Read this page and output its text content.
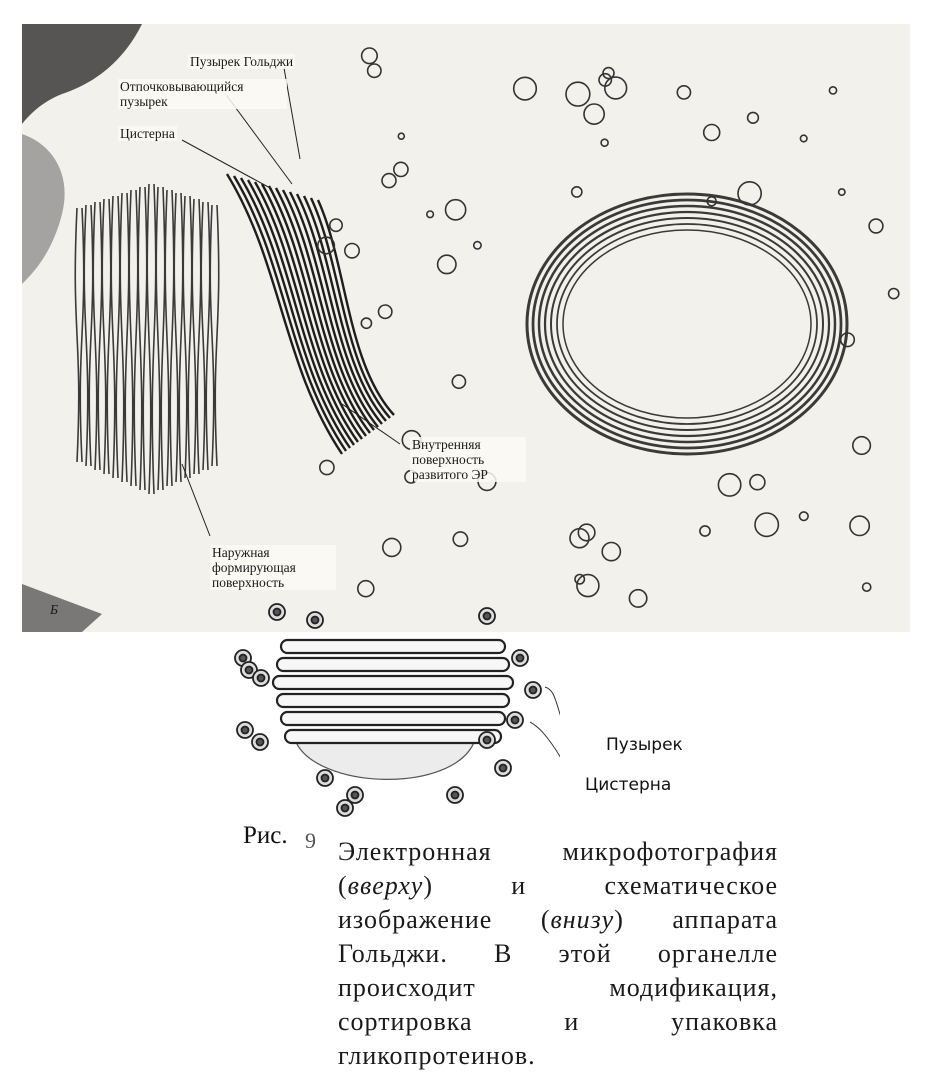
Пузырек Гольджи
Отпочковывающийся пузырек
Цистерна
Внутренняя поверхность развитого ЭР
Наружная формирующая поверхность
Б
Пузырек
Цистерна
Рис. 9 Электронная микрофотография (вверху) и схематическое изображение (внизу) аппарата Гольджи. В этой органелле происходит модификация, сортировка и упаковка гликопротеинов.
